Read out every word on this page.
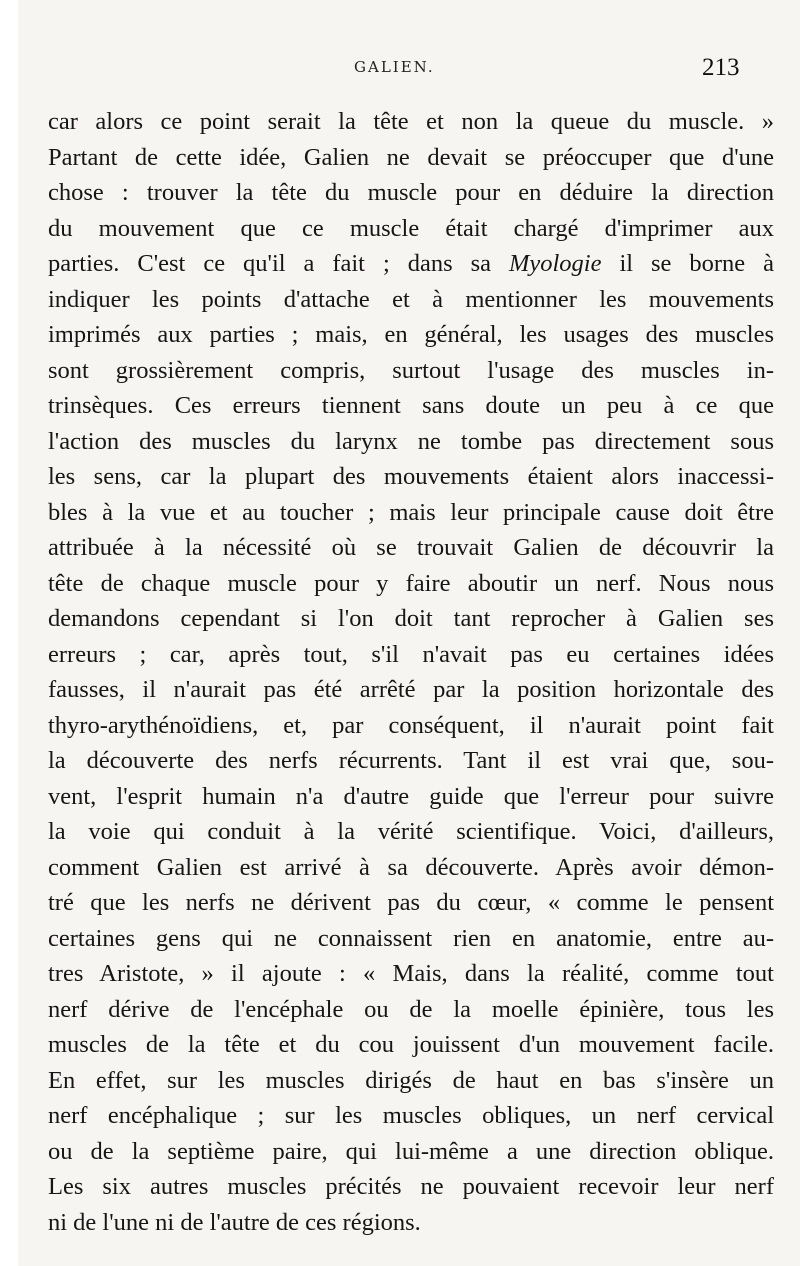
GALIEN.	213
car alors ce point serait la tête et non la queue du muscle. »
Partant de cette idée, Galien ne devait se préoccuper que d'une
chose : trouver la tête du muscle pour en déduire la direction
du mouvement que ce muscle était chargé d'imprimer aux
parties. C'est ce qu'il a fait ; dans sa Myologie il se borne à
indiquer les points d'attache et à mentionner les mouvements
imprimés aux parties ; mais, en général, les usages des muscles
sont grossièrement compris, surtout l'usage des muscles in-
trinsèques. Ces erreurs tiennent sans doute un peu à ce que
l'action des muscles du larynx ne tombe pas directement sous
les sens, car la plupart des mouvements étaient alors inaccessi-
bles à la vue et au toucher ; mais leur principale cause doit être
attribuée à la nécessité où se trouvait Galien de découvrir la
tête de chaque muscle pour y faire aboutir un nerf. Nous nous
demandons cependant si l'on doit tant reprocher à Galien ses
erreurs ; car, après tout, s'il n'avait pas eu certaines idées
fausses, il n'aurait pas été arrêté par la position horizontale des
thyro-arythénoïdiens, et, par conséquent, il n'aurait point fait
la découverte des nerfs récurrents. Tant il est vrai que, sou-
vent, l'esprit humain n'a d'autre guide que l'erreur pour suivre
la voie qui conduit à la vérité scientifique. Voici, d'ailleurs,
comment Galien est arrivé à sa découverte. Après avoir démon-
tré que les nerfs ne dérivent pas du cœur, « comme le pensent
certaines gens qui ne connaissent rien en anatomie, entre au-
tres Aristote, » il ajoute : « Mais, dans la réalité, comme tout
nerf dérive de l'encéphale ou de la moelle épinière, tous les
muscles de la tête et du cou jouissent d'un mouvement facile.
En effet, sur les muscles dirigés de haut en bas s'insère un
nerf encéphalique ; sur les muscles obliques, un nerf cervical
ou de la septième paire, qui lui-même a une direction oblique.
Les six autres muscles précités ne pouvaient recevoir leur nerf
ni de l'une ni de l'autre de ces régions.
